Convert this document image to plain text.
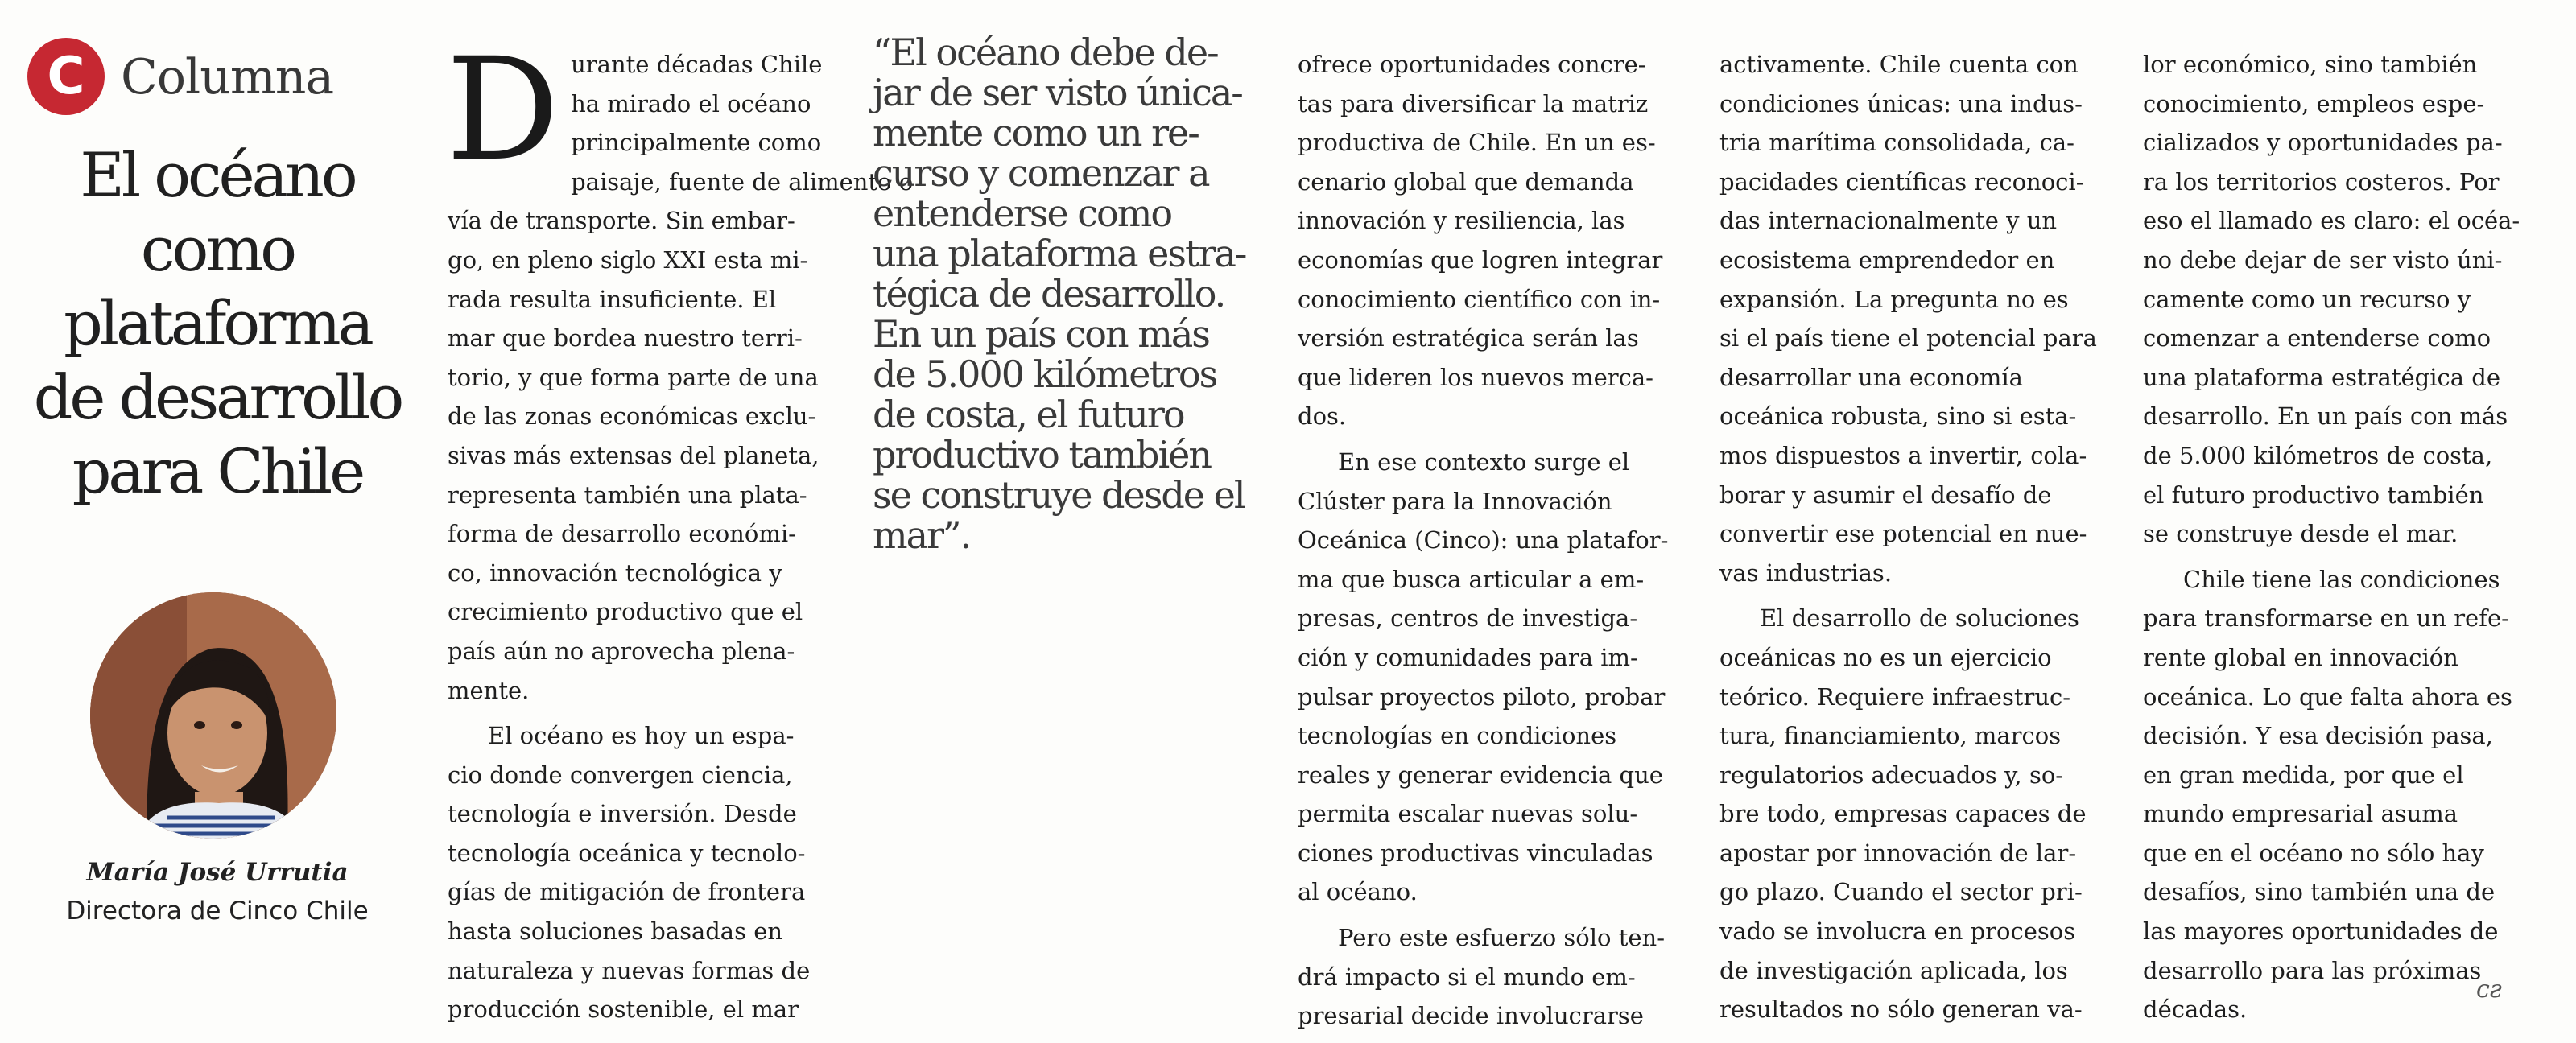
C Columna
El océano
como
plataforma
de desarrollo
para Chile
María José Urrutia
Directora de Cinco Chile

D urante décadas Chile
ha mirado el océano
principalmente como
paisaje, fuente de alimento o
vía de transporte. Sin embar-
go, en pleno siglo XXI esta mi-
rada resulta insuficiente. El
mar que bordea nuestro terri-
torio, y que forma parte de una
de las zonas económicas exclu-
sivas más extensas del planeta,
representa también una plata-
forma de desarrollo económi-
co, innovación tecnológica y
crecimiento productivo que el
país aún no aprovecha plena-
mente.

El océano es hoy un espa-
cio donde convergen ciencia,
tecnología e inversión. Desde
tecnología oceánica y tecnolo-
gías de mitigación de frontera
hasta soluciones basadas en
naturaleza y nuevas formas de
producción sostenible, el mar

“El océano debe de-
jar de ser visto única-
mente como un re-
curso y comenzar a
entenderse como
una plataforma estra-
tégica de desarrollo.
En un país con más
de 5.000 kilómetros
de costa, el futuro
productivo también
se construye desde el
mar”.

ofrece oportunidades concre-
tas para diversificar la matriz
productiva de Chile. En un es-
cenario global que demanda
innovación y resiliencia, las
economías que logren integrar
conocimiento científico con in-
versión estratégica serán las
que lideren los nuevos merca-
dos.

En ese contexto surge el
Clúster para la Innovación
Oceánica (Cinco): una platafor-
ma que busca articular a em-
presas, centros de investiga-
ción y comunidades para im-
pulsar proyectos piloto, probar
tecnologías en condiciones
reales y generar evidencia que
permita escalar nuevas solu-
ciones productivas vinculadas
al océano.

Pero este esfuerzo sólo ten-
drá impacto si el mundo em-
presarial decide involucrarse

activamente. Chile cuenta con
condiciones únicas: una indus-
tria marítima consolidada, ca-
pacidades científicas reconoci-
das internacionalmente y un
ecosistema emprendedor en
expansión. La pregunta no es
si el país tiene el potencial para
desarrollar una economía
oceánica robusta, sino si esta-
mos dispuestos a invertir, cola-
borar y asumir el desafío de
convertir ese potencial en nue-
vas industrias.

El desarrollo de soluciones
oceánicas no es un ejercicio
teórico. Requiere infraestruc-
tura, financiamiento, marcos
regulatorios adecuados y, so-
bre todo, empresas capaces de
apostar por innovación de lar-
go plazo. Cuando el sector pri-
vado se involucra en procesos
de investigación aplicada, los
resultados no sólo generan va-

lor económico, sino también
conocimiento, empleos espe-
cializados y oportunidades pa-
ra los territorios costeros. Por
eso el llamado es claro: el océa-
no debe dejar de ser visto úni-
camente como un recurso y
comenzar a entenderse como
una plataforma estratégica de
desarrollo. En un país con más
de 5.000 kilómetros de costa,
el futuro productivo también
se construye desde el mar.

Chile tiene las condiciones
para transformarse en un refe-
rente global en innovación
oceánica. Lo que falta ahora es
decisión. Y esa decisión pasa,
en gran medida, por que el
mundo empresarial asuma
que en el océano no sólo hay
desafíos, sino también una de
las mayores oportunidades de
desarrollo para las próximas
décadas.

ᴄƨ
